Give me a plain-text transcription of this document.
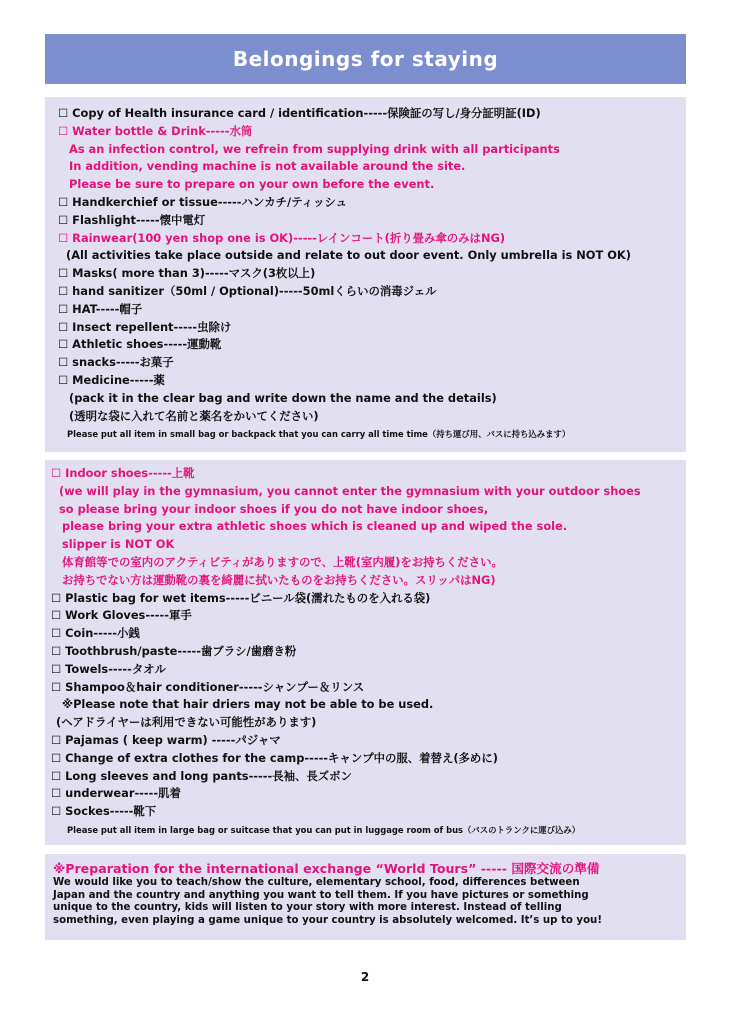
Belongings for staying
☐ Copy of Health insurance card / identification-----保険証の写し/身分証明証(ID)
☐ Water bottle & Drink-----水筒
As an infection control, we refrein from supplying drink with all participants
In addition, vending machine is not available around the site.
Please be sure to prepare on your own before the event.
☐ Handkerchief or tissue-----ハンカチ/ティッシュ
☐ Flashlight-----懐中電灯
☐ Rainwear(100 yen shop one is OK)-----レインコート(折り畳み傘のみはNG)
(All activities take place outside and relate to out door event. Only umbrella is NOT OK)
☐ Masks( more than 3)-----マスク(3枚以上)
☐ hand sanitizer（50ml / Optional)-----50mlくらいの消毒ジェル
☐ HAT-----帽子
☐ Insect repellent-----虫除け
☐ Athletic shoes-----運動靴
☐ snacks-----お菓子
☐ Medicine-----薬
(pack it in the clear bag and write down the name and the details)
(透明な袋に入れて名前と薬名をかいてください)
Please put all item in small bag or backpack that you can carry all time time（持ち運び用、バスに持ち込みます）
☐ Indoor shoes-----上靴
(we will play in the gymnasium, you cannot enter the gymnasium with your outdoor shoes
so please bring your indoor shoes if you do not have indoor shoes,
please bring your extra athletic shoes which is cleaned up and wiped the sole.
slipper is NOT OK
体育館等での室内のアクティビティがありますので、上靴(室内履)をお持ちください。
お持ちでない方は運動靴の裏を綺麗に拭いたものをお持ちください。スリッパはNG)
☐ Plastic bag for wet items-----ビニール袋(濡れたものを入れる袋)
☐ Work Gloves-----軍手
☐ Coin-----小銭
☐ Toothbrush/paste-----歯ブラシ/歯磨き粉
☐ Towels-----タオル
☐ Shampoo＆hair conditioner-----シャンプー＆リンス
※Please note that hair driers may not be able to be used.
(ヘアドライヤーは利用できない可能性があります)
☐ Pajamas ( keep warm) -----パジャマ
☐ Change of extra clothes for the camp-----キャンプ中の服、着替え(多めに)
☐ Long sleeves and long pants-----長袖、長ズボン
☐ underwear-----肌着
☐ Sockes-----靴下
Please put all item in large bag or suitcase that you can put in luggage room of bus（バスのトランクに運び込み）
※Preparation for the international exchange “World Tours” ----- 国際交流の準備
We would like you to teach/show the culture, elementary school, food, differences between
Japan and the country and anything you want to tell them. If you have pictures or something
unique to the country, kids will listen to your story with more interest. Instead of telling
something, even playing a game unique to your country is absolutely welcomed. It’s up to you!
2
